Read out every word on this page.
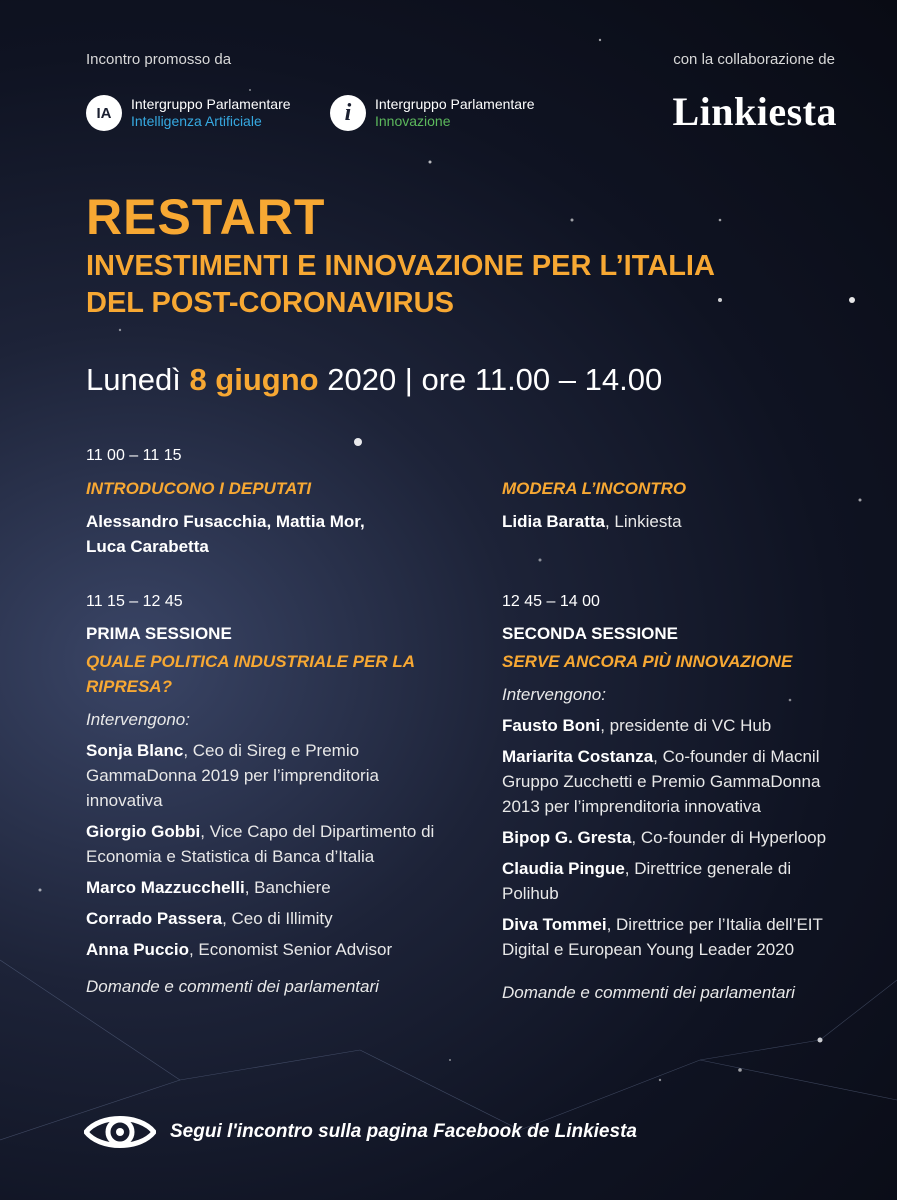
Incontro promosso da	con la collaborazione de
IA
Intergruppo Parlamentare
Intelligenza Artificiale	i	Intergruppo Parlamentare
Innovazione	Linkiesta
RESTART
INVESTIMENTI E INNOVAZIONE PER L’ITALIA
DEL POST-CORONAVIRUS
Lunedì 8 giugno 2020 | ore 11.00 – 14.00
11 00 – 11 15
INTRODUCONO I DEPUTATI
Alessandro Fusacchia, Mattia Mor,
Luca Carabetta
MODERA L’INCONTRO
Lidia Baratta, Linkiesta
11 15 – 12 45
PRIMA SESSIONE
QUALE POLITICA INDUSTRIALE PER LA
RIPRESA?
Intervengono:
Sonja Blanc, Ceo di Sireg e Premio GammaDonna 2019 per l’imprenditoria innovativa
Giorgio Gobbi, Vice Capo del Dipartimento di Economia e Statistica di Banca d’Italia
Marco Mazzucchelli, Banchiere
Corrado Passera, Ceo di Illimity
Anna Puccio, Economist Senior Advisor
Domande e commenti dei parlamentari
12 45 – 14 00
SECONDA SESSIONE
SERVE ANCORA PIÙ INNOVAZIONE
Intervengono:
Fausto Boni, presidente di VC Hub
Mariarita Costanza, Co-founder di Macnil Gruppo Zucchetti e Premio GammaDonna 2013 per l’imprenditoria innovativa
Bipop G. Gresta, Co-founder di Hyperloop
Claudia Pingue, Direttrice generale di Polihub
Diva Tommei, Direttrice per l’Italia dell’EIT Digital e European Young Leader 2020
Domande e commenti dei parlamentari
Segui l'incontro sulla pagina Facebook de Linkiesta
